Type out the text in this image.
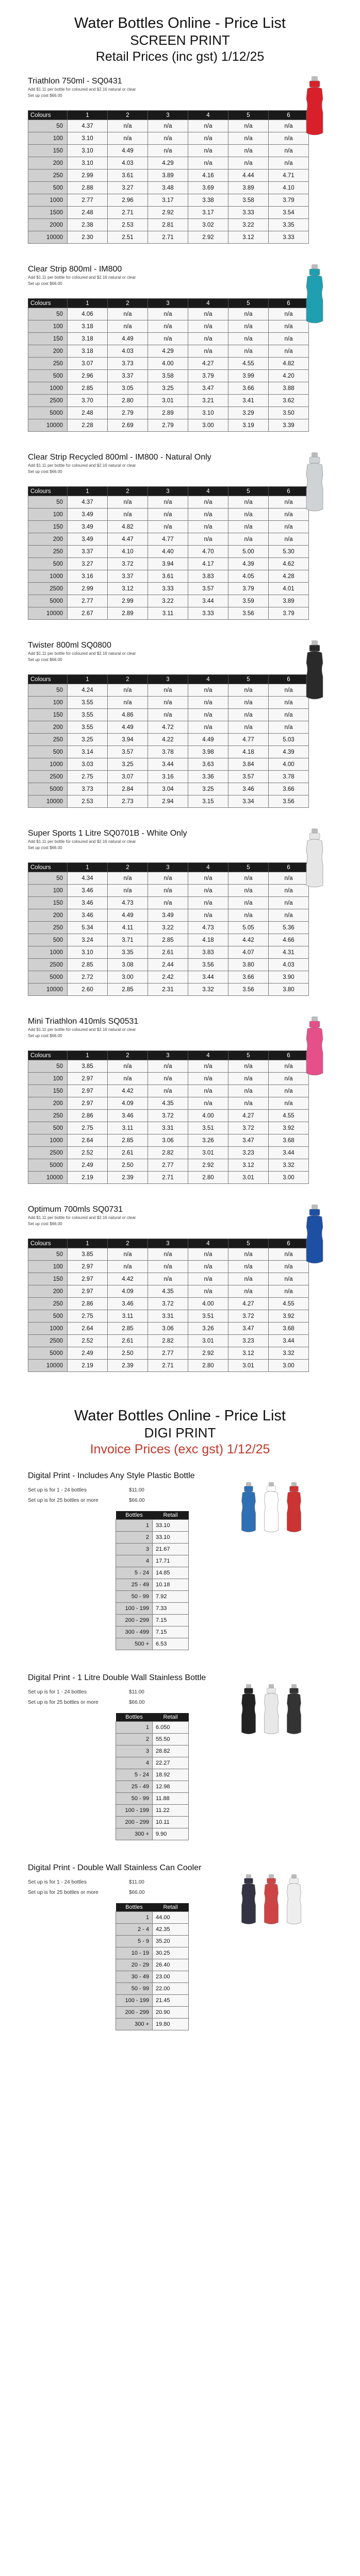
Water Bottles Online - Price List
SCREEN PRINT
Retail Prices (inc gst) 1/12/25
Triathlon 750ml - SQ0431
Add $1.11 per bottle for coloured and $2.16 natural or clear
Set up cost $66.00
Colours	1	2	3	4	5	6
50	4.37	n/a	n/a	n/a	n/a	n/a
100	3.10	n/a	n/a	n/a	n/a	n/a
150	3.10	4.49	n/a	n/a	n/a	n/a
200	3.10	4.03	4.29	n/a	n/a	n/a
250	2.99	3.61	3.89	4.16	4.44	4.71
500	2.88	3.27	3.48	3.69	3.89	4.10
1000	2.77	2.96	3.17	3.38	3.58	3.79
1500	2.48	2.71	2.92	3.17	3.33	3.54
2000	2.38	2.53	2.81	3.02	3.22	3.35
10000	2.30	2.51	2.71	2.92	3.12	3.33
Clear Strip 800ml - IM800
Add $1.11 per bottle for coloured and $2.16 natural or clear
Set up cost $66.00
Colours	1	2	3	4	5	6
50	4.06	n/a	n/a	n/a	n/a	n/a
100	3.18	n/a	n/a	n/a	n/a	n/a
150	3.18	4.49	n/a	n/a	n/a	n/a
200	3.18	4.03	4.29	n/a	n/a	n/a
250	3.07	3.73	4.00	4.27	4.55	4.82
500	2.96	3.37	3.58	3.79	3.99	4.20
1000	2.85	3.05	3.25	3.47	3.66	3.88
2500	3.70	2.80	3.01	3.21	3.41	3.62
5000	2.48	2.79	2.89	3.10	3.29	3.50
10000	2.28	2.69	2.79	3.00	3.19	3.39
Clear Strip Recycled 800ml - IM800 - Natural Only
Add $1.11 per bottle for coloured and $2.16 natural or clear
Set up cost $66.00
Colours	1	2	3	4	5	6
50	4.37	n/a	n/a	n/a	n/a	n/a
100	3.49	n/a	n/a	n/a	n/a	n/a
150	3.49	4.82	n/a	n/a	n/a	n/a
200	3.49	4.47	4.77	n/a	n/a	n/a
250	3.37	4.10	4.40	4.70	5.00	5.30
500	3.27	3.72	3.94	4.17	4.39	4.62
1000	3.16	3.37	3.61	3.83	4.05	4.28
2500	2.99	3.12	3.33	3.57	3.79	4.01
5000	2.77	2.99	3.22	3.44	3.59	3.89
10000	2.67	2.89	3.11	3.33	3.56	3.79
Twister 800ml SQ0800
Add $1.11 per bottle for coloured and $2.16 natural or clear
Set up cost $66.00
Colours	1	2	3	4	5	6
50	4.24	n/a	n/a	n/a	n/a	n/a
100	3.55	n/a	n/a	n/a	n/a	n/a
150	3.55	4.86	n/a	n/a	n/a	n/a
200	3.55	4.49	4.72	n/a	n/a	n/a
250	3.25	3.94	4.22	4.49	4.77	5.03
500	3.14	3.57	3.78	3.98	4.18	4.39
1000	3.03	3.25	3.44	3.63	3.84	4.00
2500	2.75	3.07	3.16	3.36	3.57	3.78
5000	3.73	2.84	3.04	3.25	3.46	3.66
10000	2.53	2.73	2.94	3.15	3.34	3.56
Super Sports 1 Litre SQ0701B - White Only
Add $1.11 per bottle for coloured and $2.16 natural or clear
Set up cost $66.00
Colours	1	2	3	4	5	6
50	4.34	n/a	n/a	n/a	n/a	n/a
100	3.46	n/a	n/a	n/a	n/a	n/a
150	3.46	4.73	n/a	n/a	n/a	n/a
200	3.46	4.49	3.49	n/a	n/a	n/a
250	5.34	4.11	3.22	4.73	5.05	5.36
500	3.24	3.71	2.85	4.18	4.42	4.66
1000	3.10	3.35	2.61	3.83	4.07	4.31
2500	2.85	3.08	2.44	3.56	3.80	4.03
5000	2.72	3.00	2.42	3.44	3.66	3.90
10000	2.60	2.85	2.31	3.32	3.56	3.80
Mini Triathlon 410mls SQ0531
Add $1.11 per bottle for coloured and $2.16 natural or clear
Set up cost $66.00
Colours	1	2	3	4	5	6
50	3.85	n/a	n/a	n/a	n/a	n/a
100	2.97	n/a	n/a	n/a	n/a	n/a
150	2.97	4.42	n/a	n/a	n/a	n/a
200	2.97	4.09	4.35	n/a	n/a	n/a
250	2.86	3.46	3.72	4.00	4.27	4.55
500	2.75	3.11	3.31	3.51	3.72	3.92
1000	2.64	2.85	3.06	3.26	3.47	3.68
2500	2.52	2.61	2.82	3.01	3.23	3.44
5000	2.49	2.50	2.77	2.92	3.12	3.32
10000	2.19	2.39	2.71	2.80	3.01	3.00
Optimum 700mls SQ0731
Add $1.11 per bottle for coloured and $2.16 natural or clear
Set up cost $66.00
Colours	1	2	3	4	5	6
50	3.85	n/a	n/a	n/a	n/a	n/a
100	2.97	n/a	n/a	n/a	n/a	n/a
150	2.97	4.42	n/a	n/a	n/a	n/a
200	2.97	4.09	4.35	n/a	n/a	n/a
250	2.86	3.46	3.72	4.00	4.27	4.55
500	2.75	3.11	3.31	3.51	3.72	3.92
1000	2.64	2.85	3.06	3.26	3.47	3.68
2500	2.52	2.61	2.82	3.01	3.23	3.44
5000	2.49	2.50	2.77	2.92	3.12	3.32
10000	2.19	2.39	2.71	2.80	3.01	3.00
Water Bottles Online - Price List
DIGI PRINT
Invoice Prices (exc gst) 1/12/25
Digital Print - Includes Any Style Plastic Bottle
Set up is for 1 - 24 bottles	$11.00
Set up is for 25 bottles or more	$66.00
Bottles	Retail
1	33.10
2	33.10
3	21.67
4	17.71
5 - 24	14.85
25 - 49	10.18
50 - 99	7.92
100 - 199	7.33
200 - 299	7.15
300 - 499	7.15
500 +	6.53
Digital Print - 1 Litre Double Wall Stainless Bottle
Set up is for 1 - 24 bottles	$11.00
Set up is for 25 bottles or more	$66.00
Bottles	Retail
1	6.050
2	55.50
3	28.82
4	22.27
5 - 24	18.92
25 - 49	12.98
50 - 99	11.88
100 - 199	11.22
200 - 299	10.11
300 +	9.90
Digital Print - Double Wall Stainless Can Cooler
Set up is for 1 - 24 bottles	$11.00
Set up is for 25 bottles or more	$66.00
Bottles	Retail
1	44.00
2 - 4	42.35
5 - 9	35.20
10 - 19	30.25
20 - 29	26.40
30 - 49	23.00
50 - 99	22.00
100 - 199	21.45
200 - 299	20.90
300 +	19.80
